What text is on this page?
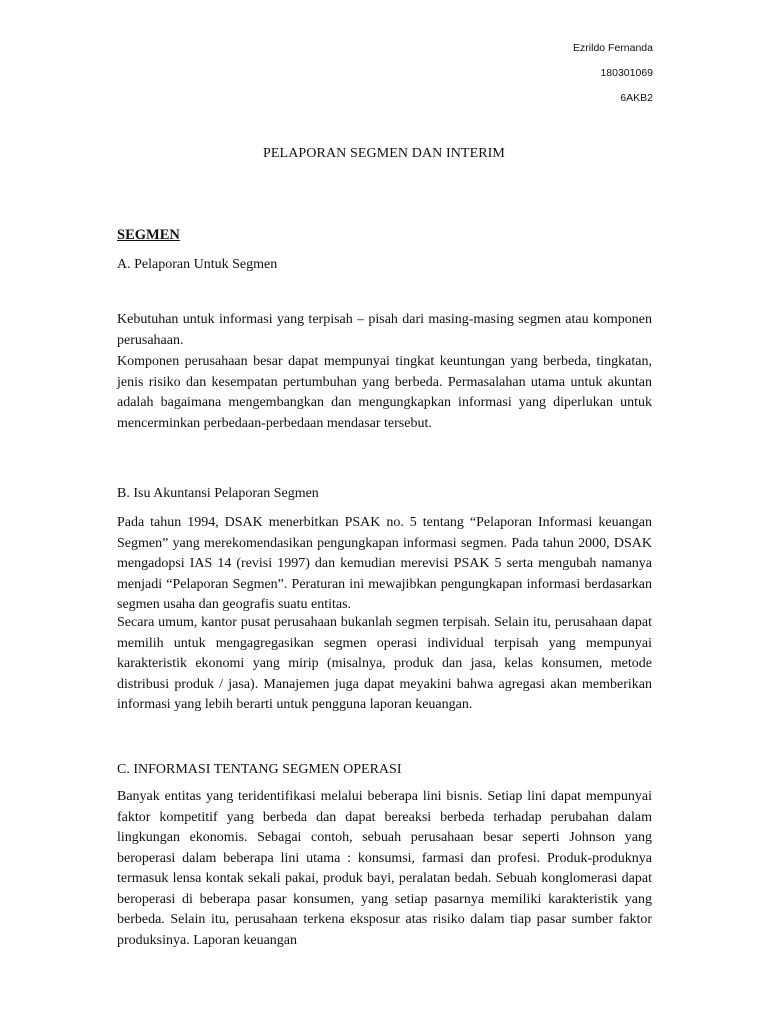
Ezrildo Fernanda
180301069
6AKB2
PELAPORAN SEGMEN DAN INTERIM
SEGMEN
A. Pelaporan Untuk Segmen
Kebutuhan untuk informasi yang terpisah – pisah dari masing-masing segmen atau komponen perusahaan.
Komponen perusahaan besar dapat mempunyai tingkat keuntungan yang berbeda, tingkatan, jenis risiko dan kesempatan pertumbuhan yang berbeda. Permasalahan utama untuk akuntan adalah bagaimana mengembangkan dan mengungkapkan informasi yang diperlukan untuk mencerminkan perbedaan-perbedaan mendasar tersebut.
B. Isu Akuntansi Pelaporan Segmen
Pada tahun 1994, DSAK menerbitkan PSAK no. 5 tentang “Pelaporan Informasi keuangan Segmen” yang merekomendasikan pengungkapan informasi segmen. Pada tahun 2000, DSAK mengadopsi IAS 14 (revisi 1997) dan kemudian merevisi PSAK 5 serta mengubah namanya menjadi “Pelaporan Segmen”. Peraturan ini mewajibkan pengungkapan informasi berdasarkan segmen usaha dan geografis suatu entitas.
Secara umum, kantor pusat perusahaan bukanlah segmen terpisah. Selain itu, perusahaan dapat memilih untuk mengagregasikan segmen operasi individual terpisah yang mempunyai karakteristik ekonomi yang mirip (misalnya, produk dan jasa, kelas konsumen, metode distribusi produk / jasa). Manajemen juga dapat meyakini bahwa agregasi akan memberikan informasi yang lebih berarti untuk pengguna laporan keuangan.
C. INFORMASI TENTANG SEGMEN OPERASI
Banyak entitas yang teridentifikasi melalui beberapa lini bisnis. Setiap lini dapat mempunyai faktor kompetitif yang berbeda dan dapat bereaksi berbeda terhadap perubahan dalam lingkungan ekonomis. Sebagai contoh, sebuah perusahaan besar seperti Johnson yang beroperasi dalam beberapa lini utama : konsumsi, farmasi dan profesi. Produk-produknya termasuk lensa kontak sekali pakai, produk bayi, peralatan bedah. Sebuah konglomerasi dapat beroperasi di beberapa pasar konsumen, yang setiap pasarnya memiliki karakteristik yang berbeda. Selain itu, perusahaan terkena eksposur atas risiko dalam tiap pasar sumber faktor produksinya. Laporan keuangan
